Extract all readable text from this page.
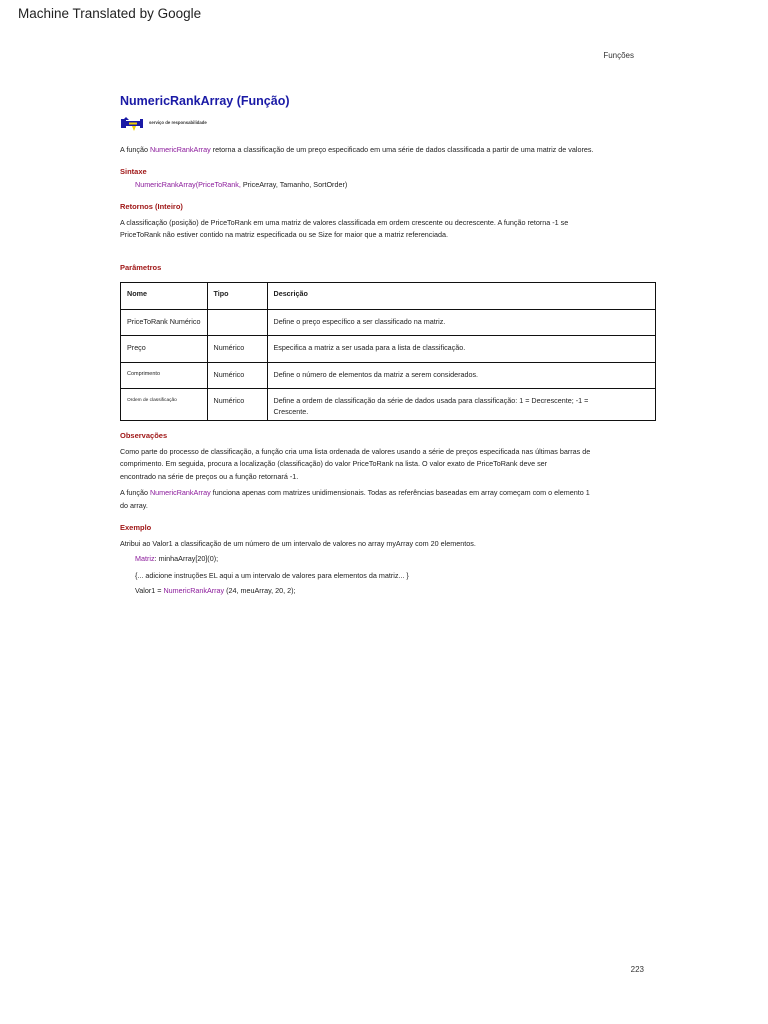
Machine Translated by Google
Funções
NumericRankArray (Função)
serviço de responsabilidade

A função NumericRankArray retorna a classificação de um preço especificado em uma série de dados classificada a partir de uma matriz de valores.

Sintaxe

NumericRankArray(PriceToRank, PriceArray, Tamanho, SortOrder)

Retornos (Inteiro)

A classificação (posição) de PriceToRank em uma matriz de valores classificada em ordem crescente ou decrescente. A função retorna -1 se
PriceToRank não estiver contido na matriz especificada ou se Size for maior que a matriz referenciada.

Parâmetros
Nome	Tipo	Descrição
PriceToRank Numérico		Define o preço específico a ser classificado na matriz.
Preço	Numérico	Especifica a matriz a ser usada para a lista de classificação.
Comprimento	Numérico	Define o número de elementos da matriz a serem considerados.
Ordem de classificação	Numérico	Define a ordem de classificação da série de dados usada para classificação: 1 = Decrescente; -1 =
Crescente.
Observações

Como parte do processo de classificação, a função cria uma lista ordenada de valores usando a série de preços especificada nas últimas barras de
comprimento. Em seguida, procura a localização (classificação) do valor PriceToRank na lista. O valor exato de PriceToRank deve ser
encontrado na série de preços ou a função retornará -1.

A função NumericRankArray funciona apenas com matrizes unidimensionais. Todas as referências baseadas em array começam com o elemento 1
do array.

Exemplo

Atribui ao Valor1 a classificação de um número de um intervalo de valores no array myArray com 20 elementos.

Matriz: minhaArray[20](0);

{... adicione instruções EL aqui a um intervalo de valores para elementos da matriz... }

Valor1 = NumericRankArray (24, meuArray, 20, 2);

223
